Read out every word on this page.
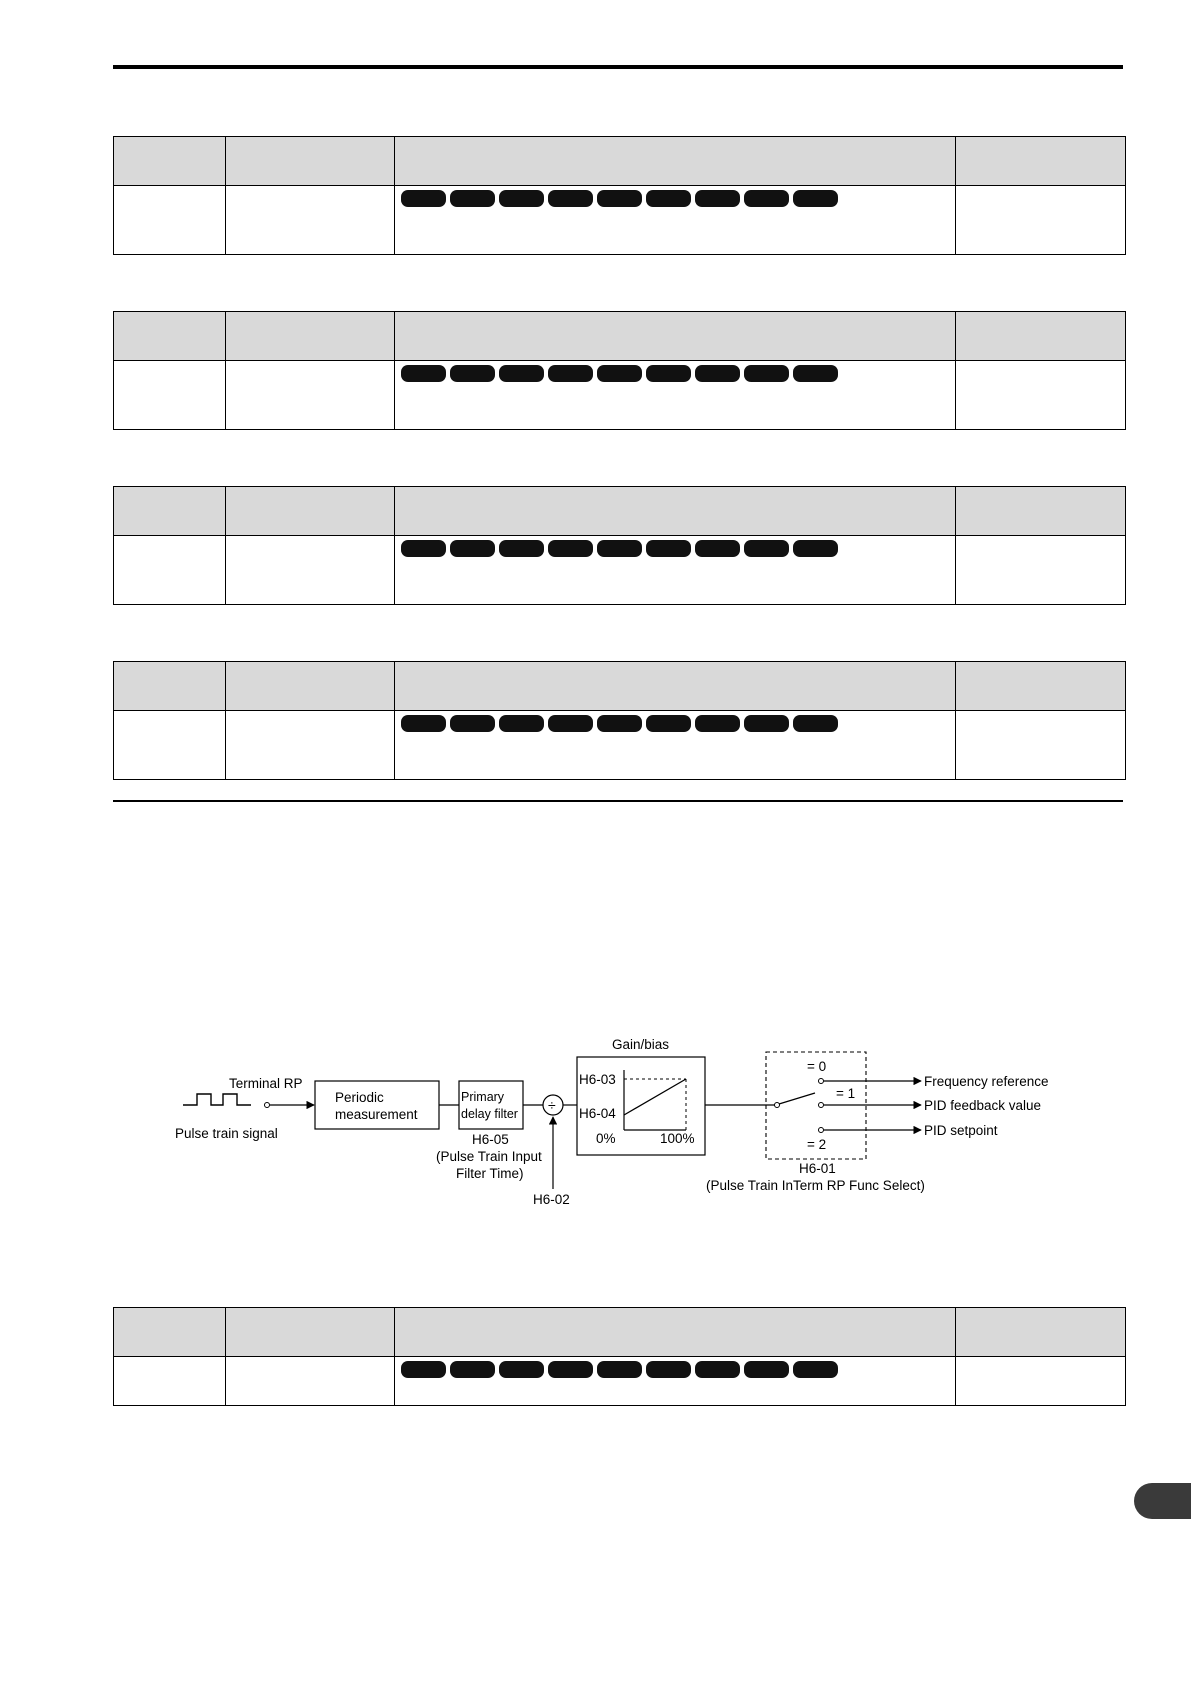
Terminal RP
Pulse train signal
Periodic
measurement
Primary
delay filter
H6-05
(Pulse Train Input
Filter Time)
÷
H6-02
Gain/bias
H6-03
H6-04
0%	100%
= 0
Frequency reference
= 1
PID feedback value
PID setpoint
= 2
H6-01
(Pulse Train InTerm RP Func Select)
